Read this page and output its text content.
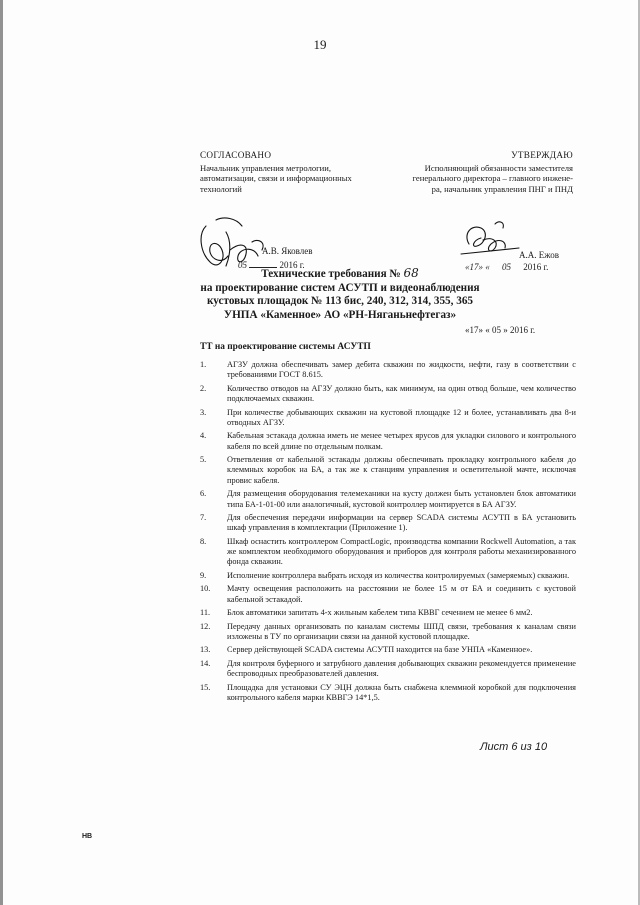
19
СОГЛАСОВАНО
Начальник управления метрологии,
автоматизации, связи и информационных
технологий
УТВЕРЖДАЮ
Исполняющий обязанности заместителя
генерального директора – главного инжене-
ра, начальник управления ПНГ и ПНД
А.В. Яковлев
05	2016 г.
А.А. Ежов
«17» « 05 2016 г.
Технические требования № 68
на проектирование систем АСУТП и видеонаблюдения
кустовых площадок № 113 бис, 240, 312, 314, 355, 365
УНПА «Каменное» АО «РН-Няганьнефтегаз»
«17» « 05 » 2016 г.
ТТ на проектирование системы АСУТП
1.	АГЗУ должна обеспечивать замер дебита скважин по жидкости, нефти, газу в соответствии с требованиями ГОСТ 8.615.
2.	Количество отводов на АГЗУ должно быть, как минимум, на один отвод больше, чем количество подключаемых скважин.
3.	При количестве добывающих скважин на кустовой площадке 12 и более, устанавливать два 8-и отводных АГЗУ.
4.	Кабельная эстакада должна иметь не менее четырех ярусов для укладки силового и контрольного кабеля по всей длине по отдельным полкам.
5.	Ответвления от кабельной эстакады должны обеспечивать прокладку контрольного кабеля до клеммных коробок на БА, а так же к станциям управления и осветительной мачте, исключая провис кабеля.
6.	Для размещения оборудования телемеханики на кусту должен быть установлен блок автоматики типа БА-1-01-00 или аналогичный, кустовой контроллер монтируется в БА АГЗУ.
7.	Для обеспечения передачи информации на сервер SCADA системы АСУТП в БА установить шкаф управления в комплектации (Приложение 1).
8.	Шкаф оснастить контроллером CompactLogic, производства компании Rockwell Automation, а так же комплектом необходимого оборудования и приборов для контроля работы механизированного фонда скважин.
9.	Исполнение контроллера выбрать исходя из количества контролируемых (замеряемых) скважин.
10.	Мачту освещения расположить на расстоянии не более 15 м от БА и соединить с кустовой кабельной эстакадой.
11.	Блок автоматики запитать 4-х жильным кабелем типа КВВГ сечением не менее 6 мм2.
12.	Передачу данных организовать по каналам системы ШПД связи, требования к каналам связи изложены в ТУ по организации связи на данной кустовой площадке.
13.	Сервер действующей SCADA системы АСУТП находится на базе УНПА «Каменное».
14.	Для контроля буферного и затрубного давления добывающих скважин рекомендуется применение беспроводных преобразователей давления.
15.	Площадка для установки СУ ЭЦН должна быть снабжена клеммной коробкой для подключения контрольного кабеля марки КВВГЭ 14*1,5.
Лист 6 из 10
НВ
